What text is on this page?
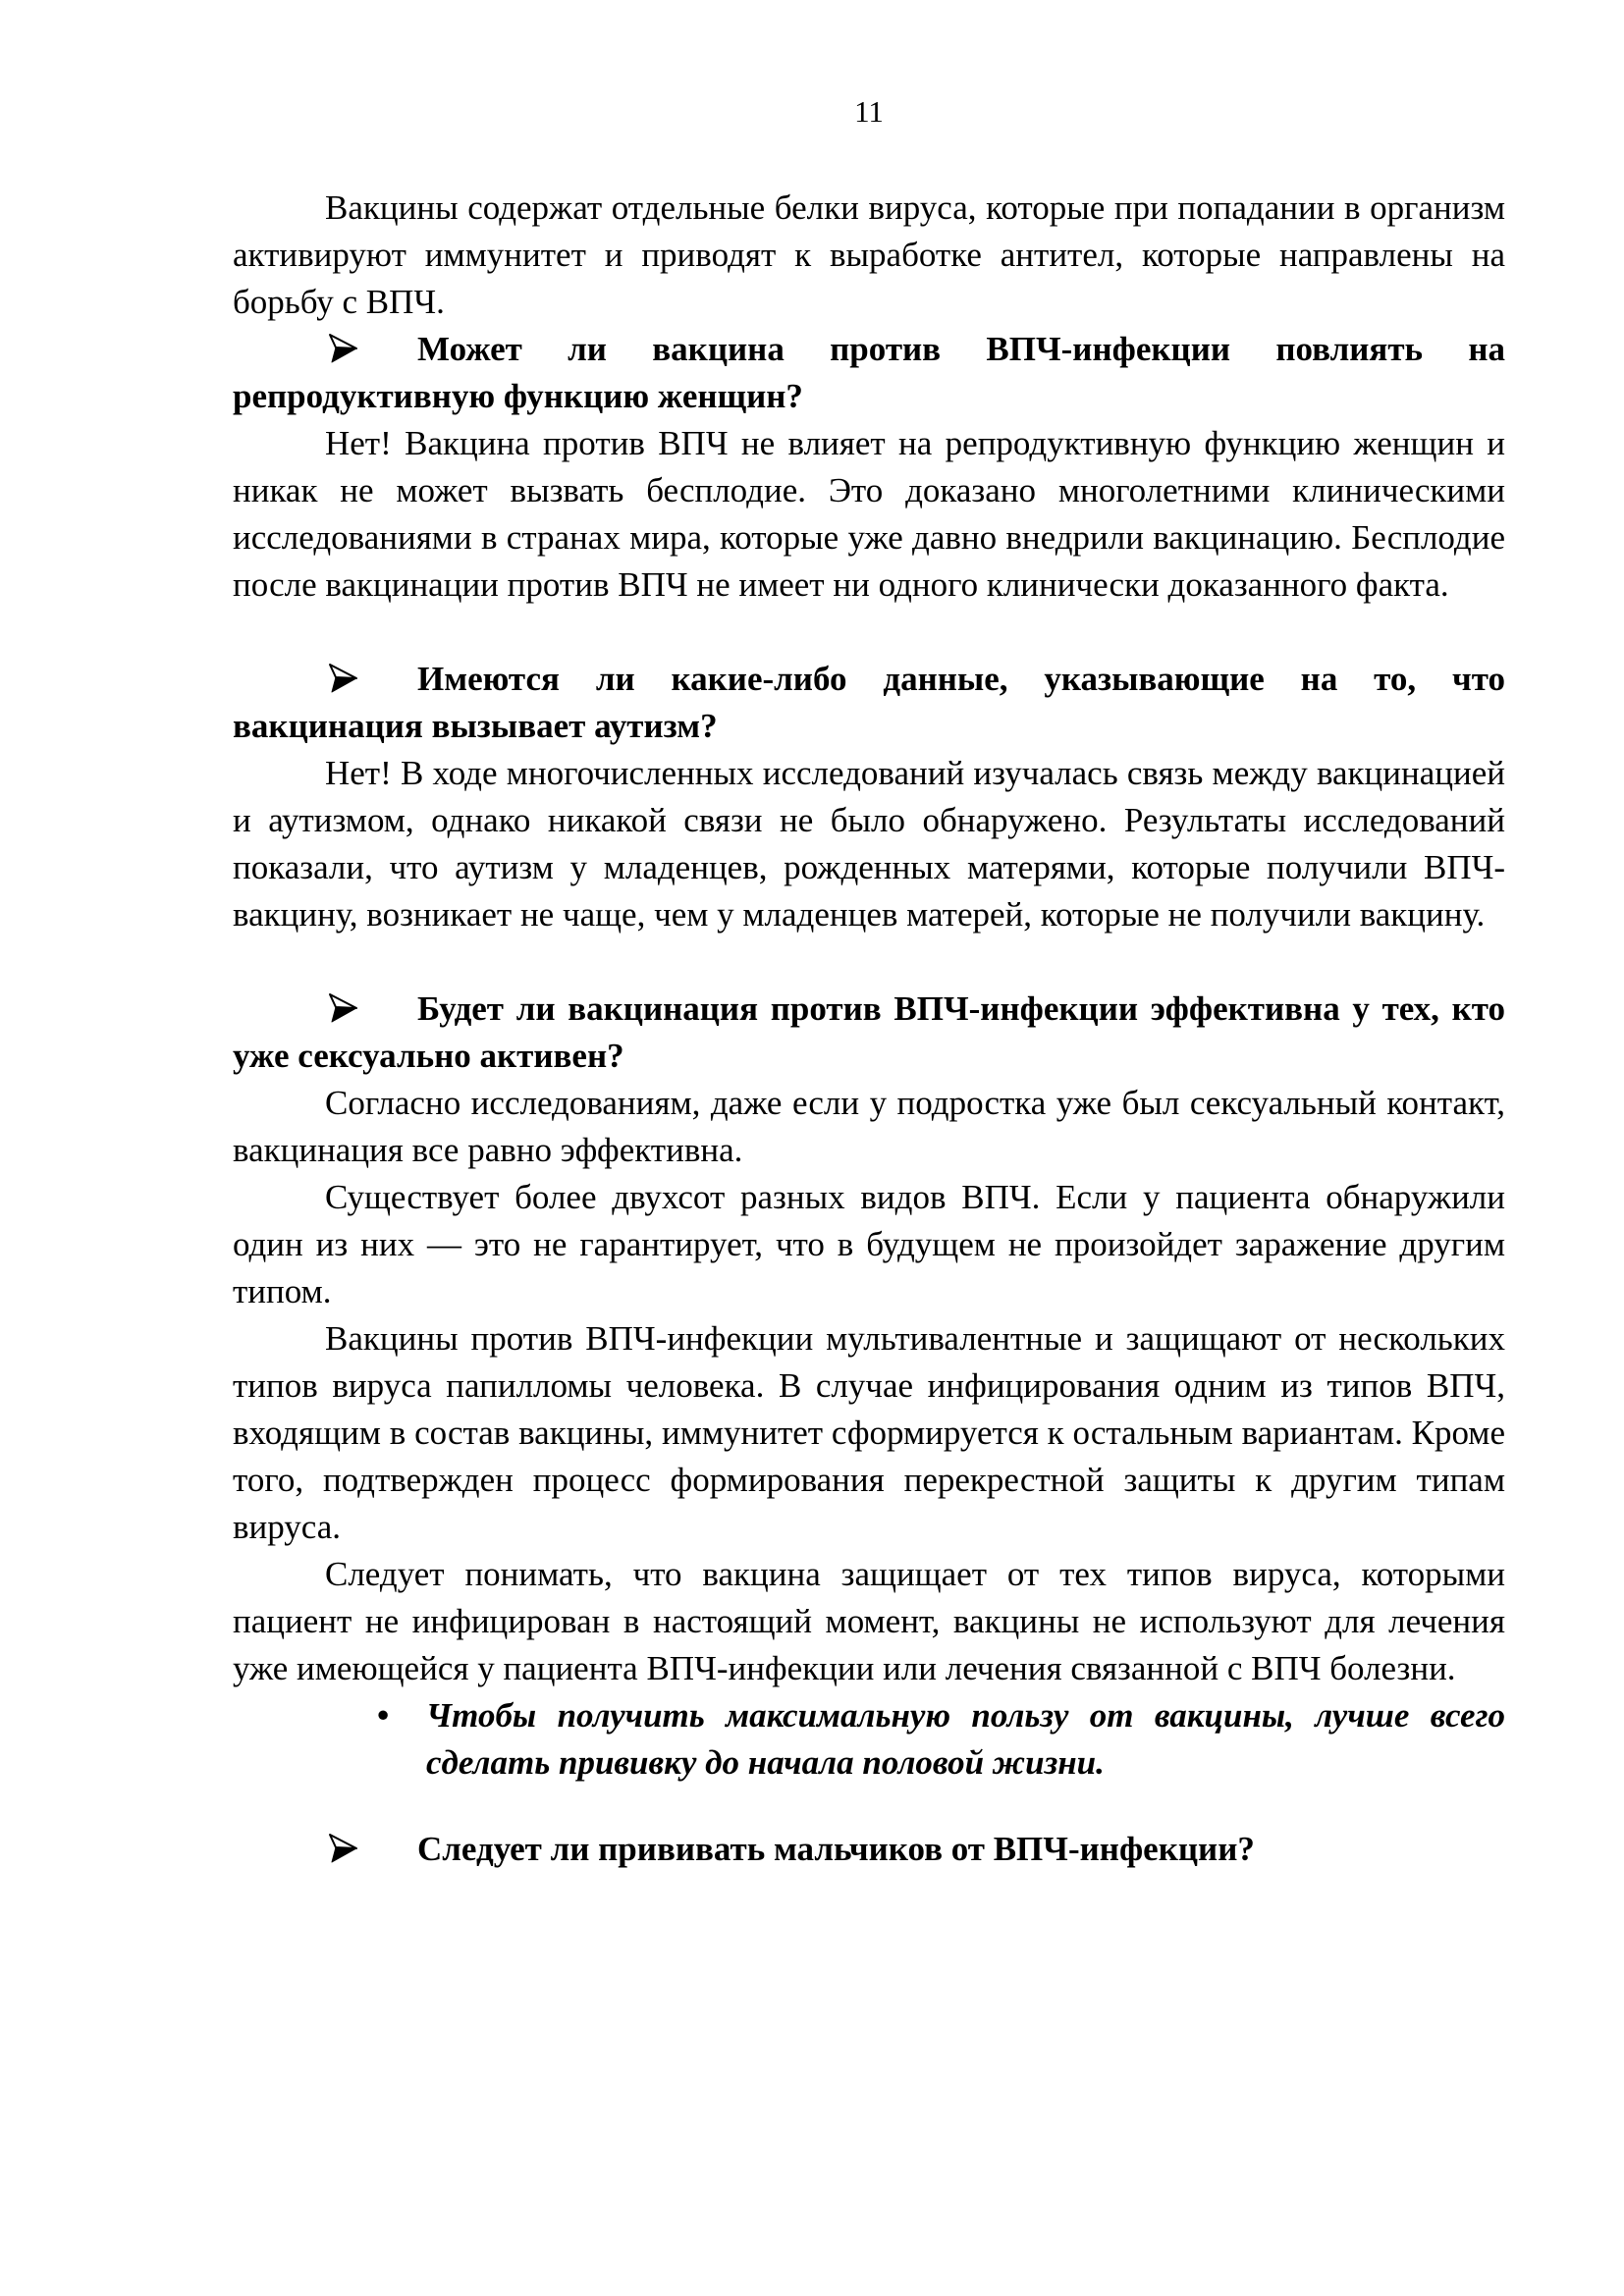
11

Вакцины содержат отдельные белки вируса, которые при попадании в организм активируют иммунитет и приводят к выработке антител, которые направлены на борьбу с ВПЧ.

Может ли вакцина против ВПЧ-инфекции повлиять на репродуктивную функцию женщин?

Нет! Вакцина против ВПЧ не влияет на репродуктивную функцию женщин и никак не может вызвать бесплодие. Это доказано многолетними клиническими исследованиями в странах мира, которые уже давно внедрили вакцинацию. Бесплодие после вакцинации против ВПЧ не имеет ни одного клинически доказанного факта.

Имеются ли какие-либо данные, указывающие на то, что вакцинация вызывает аутизм?

Нет! В ходе многочисленных исследований изучалась связь между вакцинацией и аутизмом, однако никакой связи не было обнаружено. Результаты исследований показали, что аутизм у младенцев, рожденных матерями, которые получили ВПЧ-вакцину, возникает не чаще, чем у младенцев матерей, которые не получили вакцину.

Будет ли вакцинация против ВПЧ-инфекции эффективна у тех, кто уже сексуально активен?

Согласно исследованиям, даже если у подростка уже был сексуальный контакт, вакцинация все равно эффективна.

Существует более двухсот разных видов ВПЧ. Если у пациента обнаружили один из них — это не гарантирует, что в будущем не произойдет заражение другим типом.

Вакцины против ВПЧ-инфекции мультивалентные и защищают от нескольких типов вируса папилломы человека. В случае инфицирования одним из типов ВПЧ, входящим в состав вакцины, иммунитет сформируется к остальным вариантам. Кроме того, подтвержден процесс формирования перекрестной защиты к другим типам вируса.

Следует понимать, что вакцина защищает от тех типов вируса, которыми пациент не инфицирован в настоящий момент, вакцины не используют для лечения уже имеющейся у пациента ВПЧ-инфекции или лечения связанной с ВПЧ болезни.

• Чтобы получить максимальную пользу от вакцины, лучше всего сделать прививку до начала половой жизни.
Следует ли прививать мальчиков от ВПЧ-инфекции?
